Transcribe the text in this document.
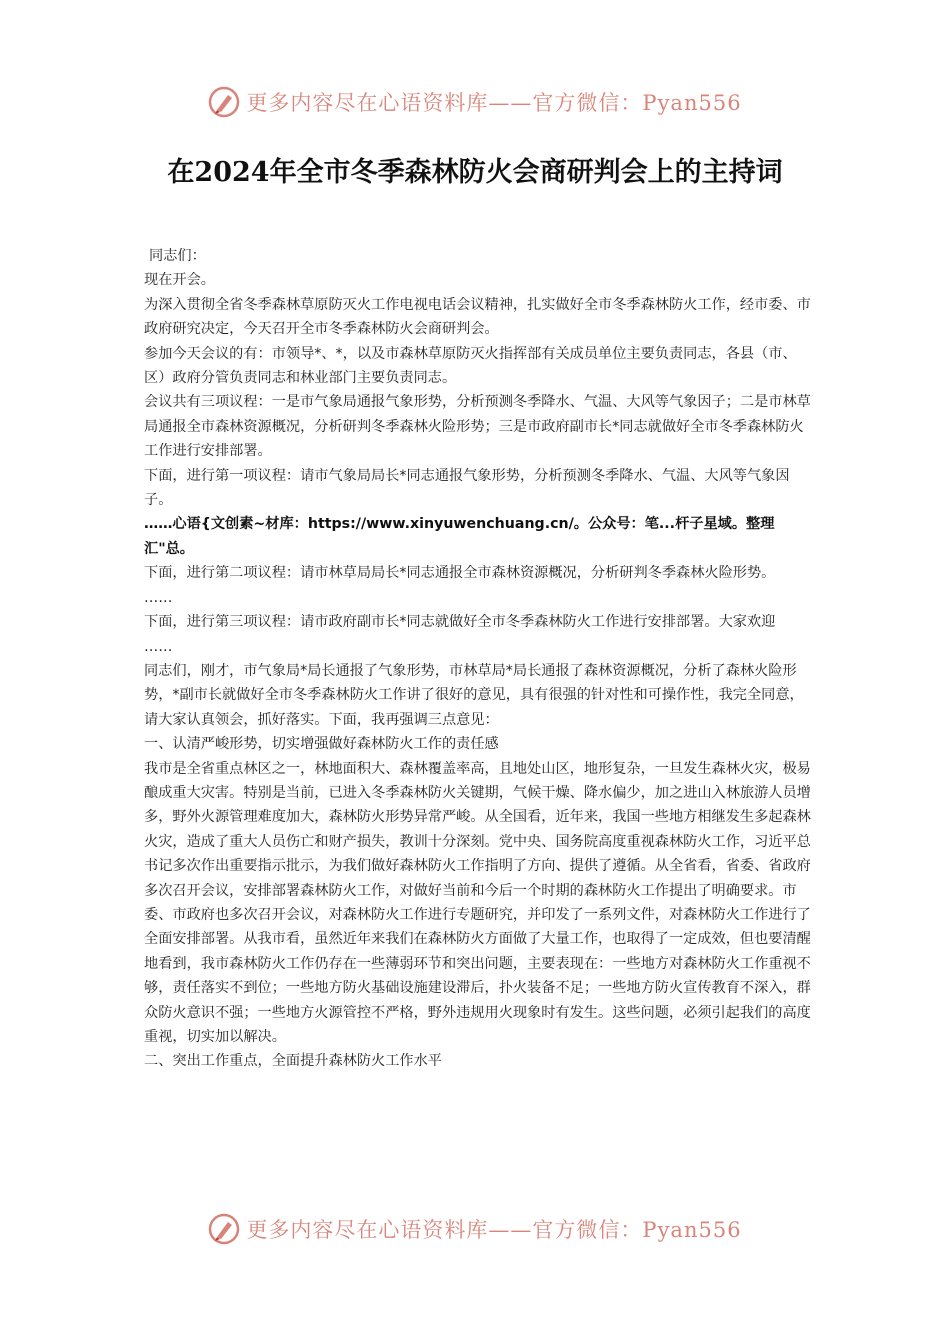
更多内容尽在心语资料库——官方微信：Pyan556
在2024年全市冬季森林防火会商研判会上的主持词

同志们：

现在开会。

为深入贯彻全省冬季森林草原防灭火工作电视电话会议精神，扎实做好全市冬季森林防火工作，经市委、市政府研究决定，今天召开全市冬季森林防火会商研判会。

参加今天会议的有：市领导*、*，以及市森林草原防灭火指挥部有关成员单位主要负责同志，各县（市、区）政府分管负责同志和林业部门主要负责同志。

会议共有三项议程：一是市气象局通报气象形势，分析预测冬季降水、气温、大风等气象因子；二是市林草局通报全市森林资源概况，分析研判冬季森林火险形势；三是市政府副市长*同志就做好全市冬季森林防火工作进行安排部署。

下面，进行第一项议程：请市气象局局长*同志通报气象形势，分析预测冬季降水、气温、大风等气象因子。

……心语{文创素~材库：https://www.xinyuwenchuang.cn/。公众号：笔...杆子星域。整理汇"总。

下面，进行第二项议程：请市林草局局长*同志通报全市森林资源概况，分析研判冬季森林火险形势。

……

下面，进行第三项议程：请市政府副市长*同志就做好全市冬季森林防火工作进行安排部署。大家欢迎

……

同志们，刚才，市气象局*局长通报了气象形势，市林草局*局长通报了森林资源概况，分析了森林火险形势，*副市长就做好全市冬季森林防火工作讲了很好的意见，具有很强的针对性和可操作性，我完全同意，请大家认真领会，抓好落实。下面，我再强调三点意见：

一、认清严峻形势，切实增强做好森林防火工作的责任感

我市是全省重点林区之一，林地面积大、森林覆盖率高，且地处山区，地形复杂，一旦发生森林火灾，极易酿成重大灾害。特别是当前，已进入冬季森林防火关键期，气候干燥、降水偏少，加之进山入林旅游人员增多，野外火源管理难度加大，森林防火形势异常严峻。从全国看，近年来，我国一些地方相继发生多起森林火灾，造成了重大人员伤亡和财产损失，教训十分深刻。党中央、国务院高度重视森林防火工作，习近平总书记多次作出重要指示批示，为我们做好森林防火工作指明了方向、提供了遵循。从全省看，省委、省政府多次召开会议，安排部署森林防火工作，对做好当前和今后一个时期的森林防火工作提出了明确要求。市委、市政府也多次召开会议，对森林防火工作进行专题研究，并印发了一系列文件，对森林防火工作进行了全面安排部署。从我市看，虽然近年来我们在森林防火方面做了大量工作，也取得了一定成效，但也要清醒地看到，我市森林防火工作仍存在一些薄弱环节和突出问题，主要表现在：一些地方对森林防火工作重视不够，责任落实不到位；一些地方防火基础设施建设滞后，扑火装备不足；一些地方防火宣传教育不深入，群众防火意识不强；一些地方火源管控不严格，野外违规用火现象时有发生。这些问题，必须引起我们的高度重视，切实加以解决。

二、突出工作重点，全面提升森林防火工作水平

更多内容尽在心语资料库——官方微信：Pyan556
